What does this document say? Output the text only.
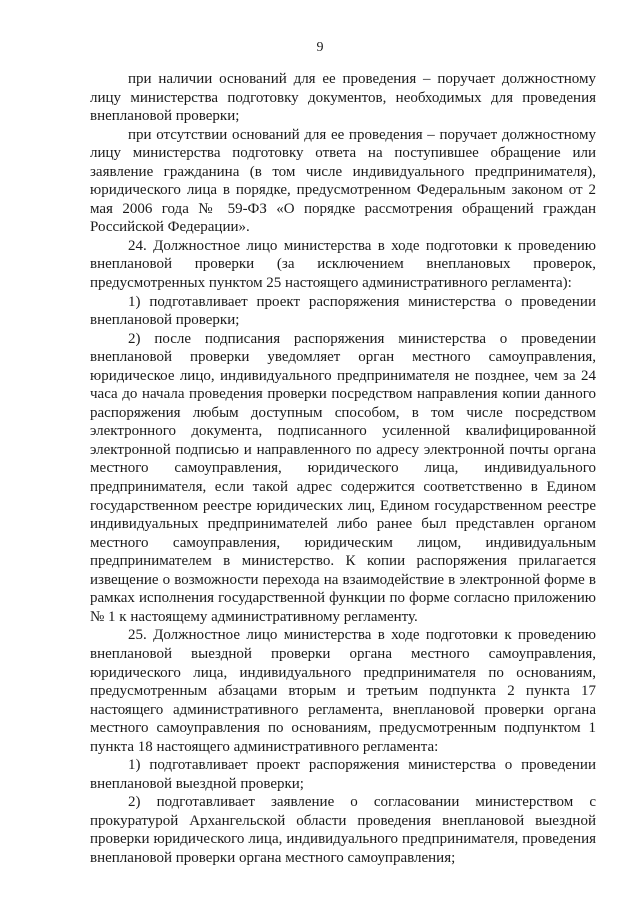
9

при наличии оснований для ее проведения – поручает должностному лицу министерства подготовку документов, необходимых для проведения внеплановой проверки;

при отсутствии оснований для ее проведения – поручает должностному лицу министерства подготовку ответа на поступившее обращение или заявление гражданина (в том числе индивидуального предпринимателя), юридического лица в порядке, предусмотренном Федеральным законом от 2 мая 2006 года № 59-ФЗ «О порядке рассмотрения обращений граждан Российской Федерации».

24. Должностное лицо министерства в ходе подготовки к проведению внеплановой проверки (за исключением внеплановых проверок, предусмотренных пунктом 25 настоящего административного регламента):

1) подготавливает проект распоряжения министерства о проведении внеплановой проверки;

2) после подписания распоряжения министерства о проведении внеплановой проверки уведомляет орган местного самоуправления, юридическое лицо, индивидуального предпринимателя не позднее, чем за 24 часа до начала проведения проверки посредством направления копии данного распоряжения любым доступным способом, в том числе посредством электронного документа, подписанного усиленной квалифицированной электронной подписью и направленного по адресу электронной почты органа местного самоуправления, юридического лица, индивидуального предпринимателя, если такой адрес содержится соответственно в Едином государственном реестре юридических лиц, Едином государственном реестре индивидуальных предпринимателей либо ранее был представлен органом местного самоуправления, юридическим лицом, индивидуальным предпринимателем в министерство. К копии распоряжения прилагается извещение о возможности перехода на взаимодействие в электронной форме в рамках исполнения государственной функции по форме согласно приложению № 1 к настоящему административному регламенту.

25. Должностное лицо министерства в ходе подготовки к проведению внеплановой выездной проверки органа местного самоуправления, юридического лица, индивидуального предпринимателя по основаниям, предусмотренным абзацами вторым и третьим подпункта 2 пункта 17 настоящего административного регламента, внеплановой проверки органа местного самоуправления по основаниям, предусмотренным подпунктом 1 пункта 18 настоящего административного регламента:

1) подготавливает проект распоряжения министерства о проведении внеплановой выездной проверки;

2) подготавливает заявление о согласовании министерством с прокуратурой Архангельской области проведения внеплановой выездной проверки юридического лица, индивидуального предпринимателя, проведения внеплановой проверки органа местного самоуправления;
